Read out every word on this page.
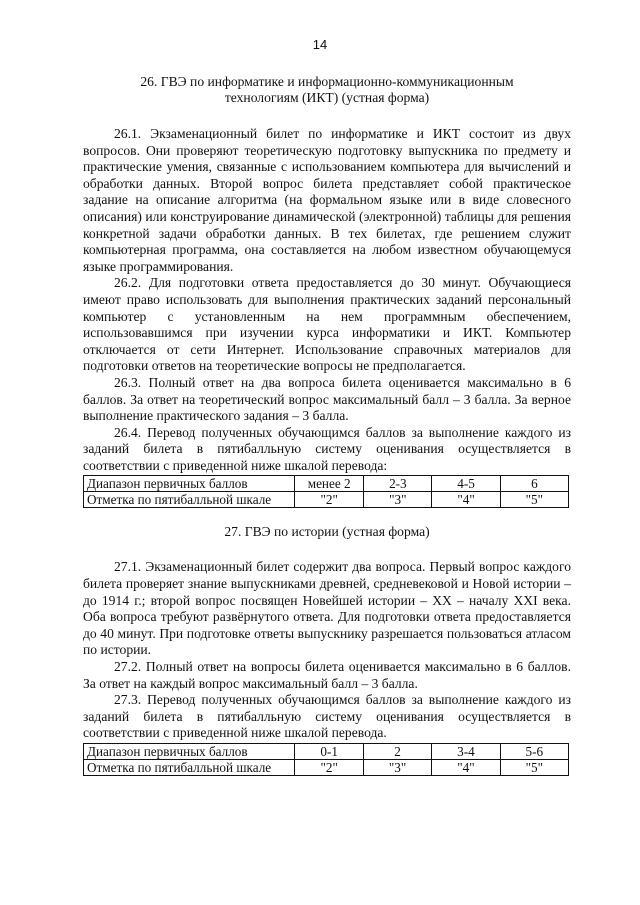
14
26. ГВЭ по информатике и информационно-коммуникационным
технологиям (ИКТ) (устная форма)

26.1. Экзаменационный билет по информатике и ИКТ состоит из двух вопросов. Они проверяют теоретическую подготовку выпускника по предмету и практические умения, связанные с использованием компьютера для вычислений и обработки данных. Второй вопрос билета представляет собой практическое задание на описание алгоритма (на формальном языке или в виде словесного описания) или конструирование динамической (электронной) таблицы для решения конкретной задачи обработки данных. В тех билетах, где решением служит компьютерная программа, она составляется на любом известном обучающемуся языке программирования.

26.2. Для подготовки ответа предоставляется до 30 минут. Обучающиеся имеют право использовать для выполнения практических заданий персональный компьютер с установленным на нем программным обеспечением, использовавшимся при изучении курса информатики и ИКТ. Компьютер отключается от сети Интернет. Использование справочных материалов для подготовки ответов на теоретические вопросы не предполагается.

26.3. Полный ответ на два вопроса билета оценивается максимально в 6 баллов. За ответ на теоретический вопрос максимальный балл – 3 балла. За верное выполнение практического задания – 3 балла.

26.4. Перевод полученных обучающимся баллов за выполнение каждого из заданий билета в пятибалльную систему оценивания осуществляется в соответствии с приведенной ниже шкалой перевода:

Диапазон первичных баллов	менее 2	2-3	4-5	6
Отметка по пятибалльной шкале	"2"	"3"	"4"	"5"
27. ГВЭ по истории (устная форма)

27.1. Экзаменационный билет содержит два вопроса. Первый вопрос каждого билета проверяет знание выпускниками древней, средневековой и Новой истории – до 1914 г.; второй вопрос посвящен Новейшей истории – XX – началу XXI века. Оба вопроса требуют развёрнутого ответа. Для подготовки ответа предоставляется до 40 минут. При подготовке ответы выпускнику разрешается пользоваться атласом по истории.

27.2. Полный ответ на вопросы билета оценивается максимально в 6 баллов. За ответ на каждый вопрос максимальный балл – 3 балла.

27.3. Перевод полученных обучающимся баллов за выполнение каждого из заданий билета в пятибалльную систему оценивания осуществляется в соответствии с приведенной ниже шкалой перевода.

Диапазон первичных баллов	0-1	2	3-4	5-6
Отметка по пятибалльной шкале	"2"	"3"	"4"	"5"
